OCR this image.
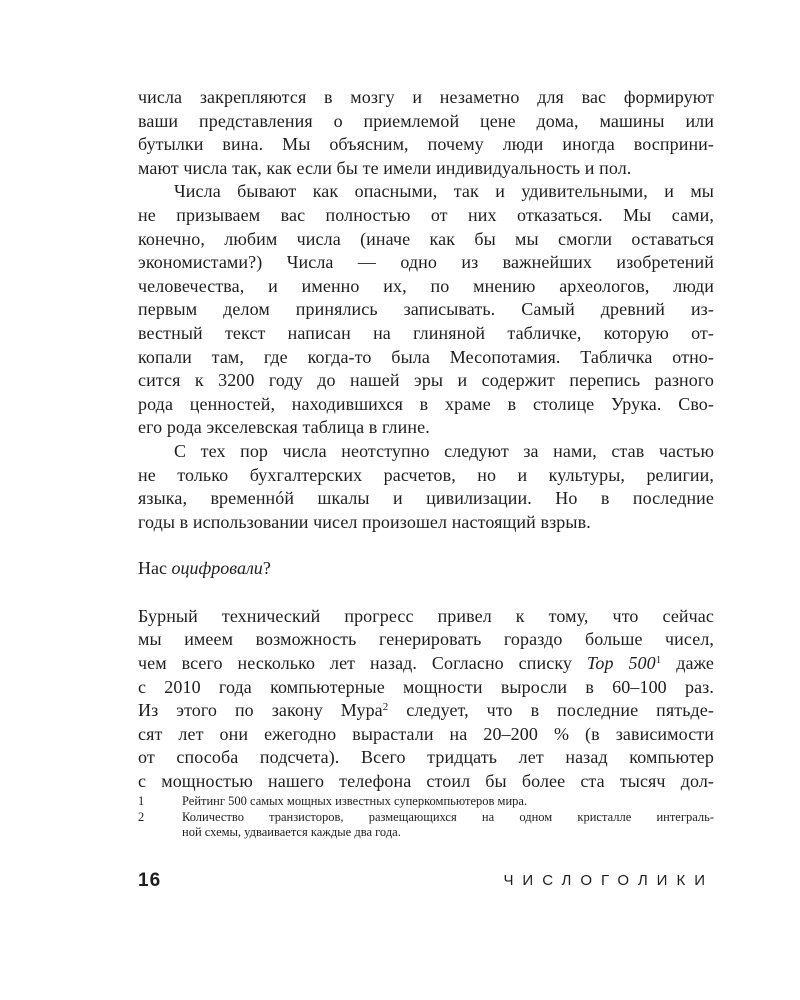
числа закрепляются в мозгу и незаметно для вас формируют
ваши представления о приемлемой цене дома, машины или
бутылки вина. Мы объясним, почему люди иногда восприни-
мают числа так, как если бы те имели индивидуальность и пол.

Числа бывают как опасными, так и удивительными, и мы
не призываем вас полностью от них отказаться. Мы сами,
конечно, любим числа (иначе как бы мы смогли оставаться
экономистами?) Числа — одно из важнейших изобретений
человечества, и именно их, по мнению археологов, люди
первым делом принялись записывать. Самый древний из-
вестный текст написан на глиняной табличке, которую от-
копали там, где когда-то была Месопотамия. Табличка отно-
сится к 3200 году до нашей эры и содержит перепись разного
рода ценностей, находившихся в храме в столице Урука. Сво-
его рода экселевская таблица в глине.

С тех пор числа неотступно следуют за нами, став частью
не только бухгалтерских расчетов, но и культуры, религии,
языка, временнóй шкалы и цивилизации. Но в последние
годы в использовании чисел произошел настоящий взрыв.

Нас оцифровали?

Бурный технический прогресс привел к тому, что сейчас
мы имеем возможность генерировать гораздо больше чисел,
чем всего несколько лет назад. Согласно списку Top $500^1$ даже
с 2010 года компьютерные мощности выросли в 60–100 раз.
Из этого по закону Мура$^2$ следует, что в последние пятьде-
сят лет они ежегодно вырастали на 20–200 % (в зависимости
от способа подсчета). Всего тридцать лет назад компьютер
с мощностью нашего телефона стоил бы более ста тысяч дол-

1	Рейтинг 500 самых мощных известных суперкомпьютеров мира.
2	Количество транзисторов, размещающихся на одном кристалле интеграль-
ной схемы, удваивается каждые два года.
16	ЧИСЛОГОЛИКИ
